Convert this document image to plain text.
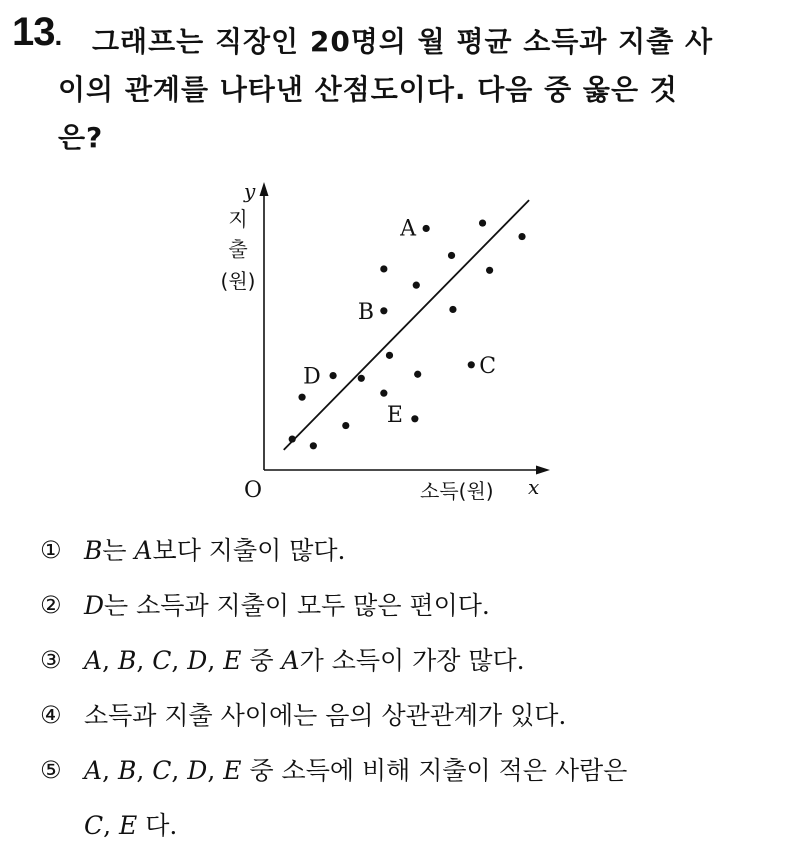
13.	그래프는 직장인 20명의 월 평균 소득과 지출 사
이의 관계를 나타낸 산점도이다. 다음 중 옳은 것
은?
y
지
출
(원)
O	소득(원) x
D
B
E
A
C
① B는 A보다 지출이 많다.
② D는 소득과 지출이 모두 많은 편이다.
③ A, B, C, D, E 중 A가 소득이 가장 많다.
④ 소득과 지출 사이에는 음의 상관관계가 있다.
⑤ A, B, C, D, E 중 소득에 비해 지출이 적은 사람은
C, E 다.
